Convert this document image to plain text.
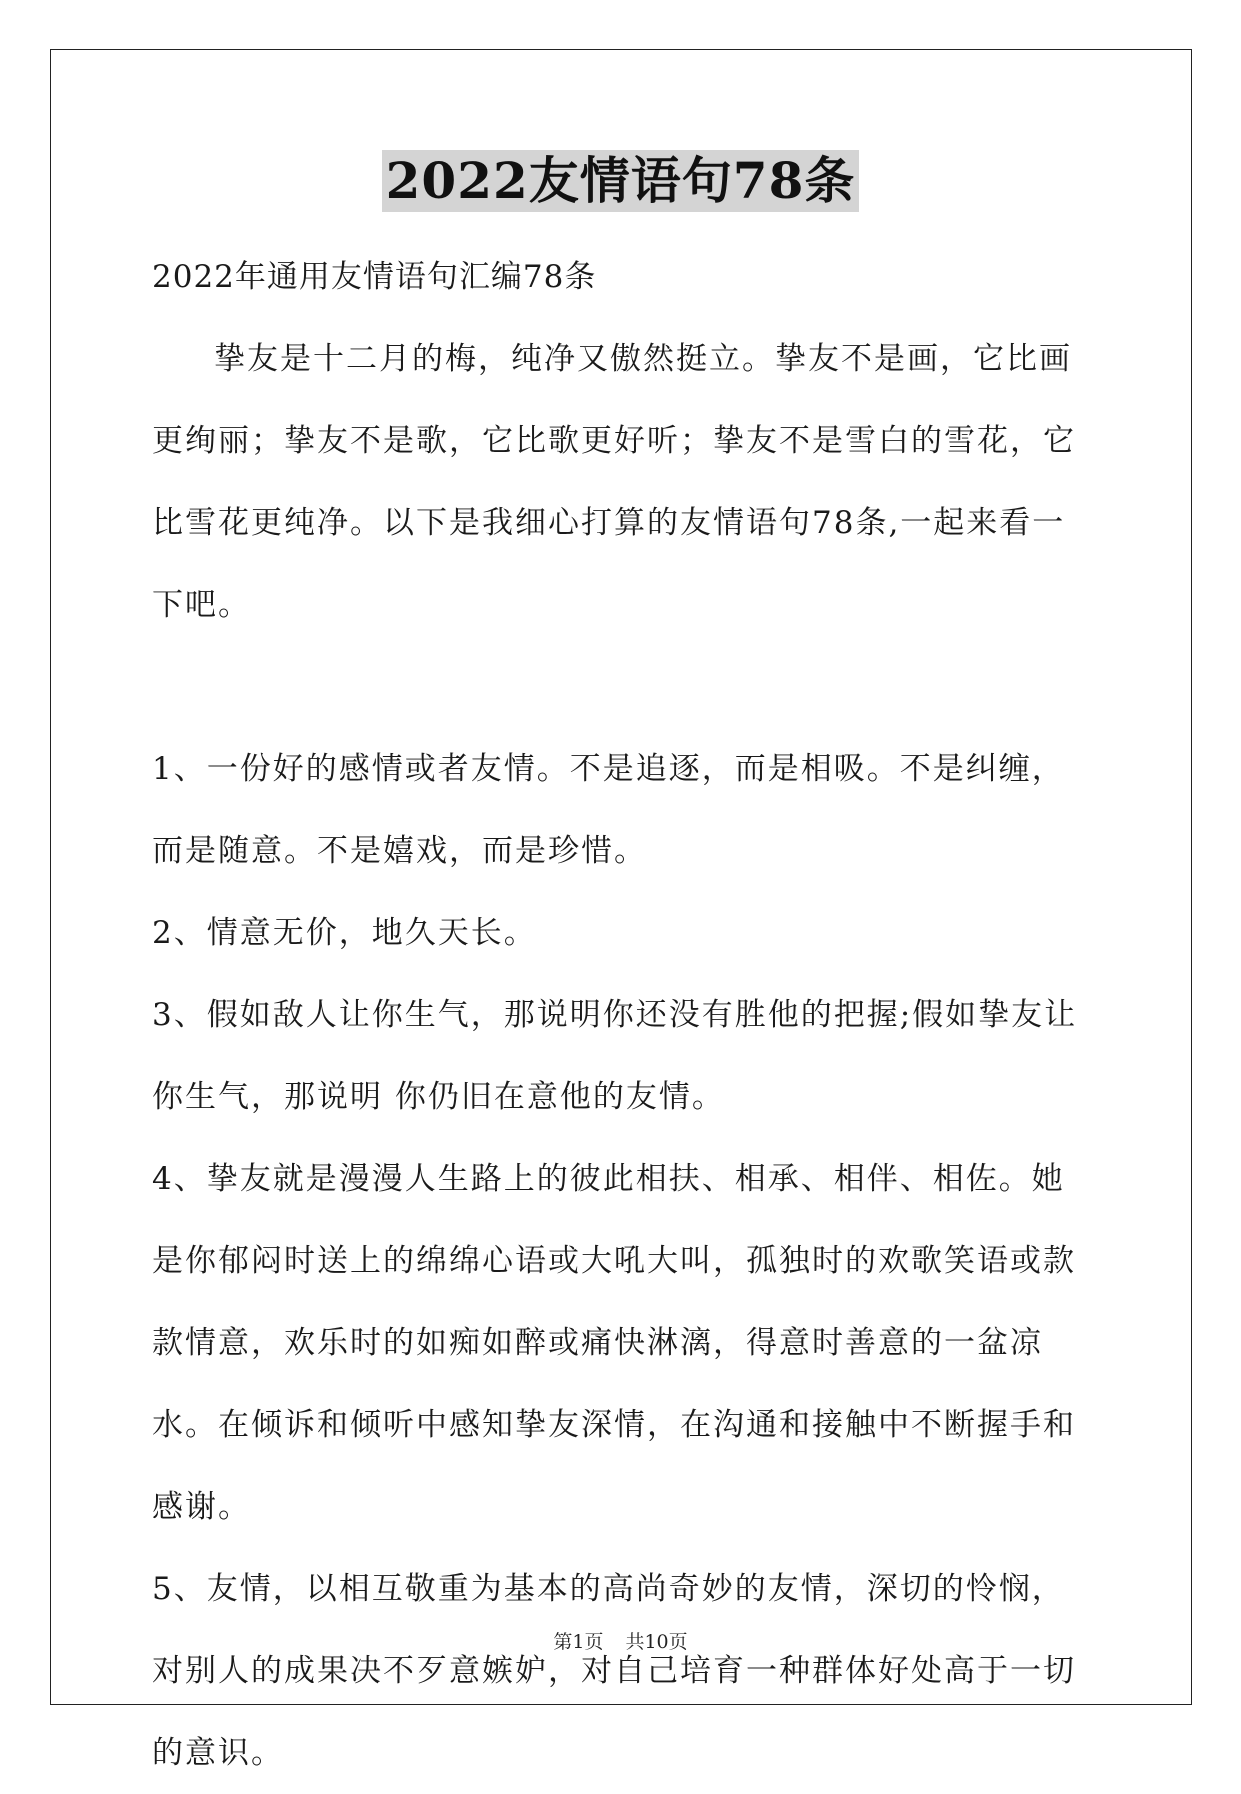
2022友情语句78条

2022年通用友情语句汇编78条

挚友是十二月的梅，纯净又傲然挺立。挚友不是画，它比画更绚丽；挚友不是歌，它比歌更好听；挚友不是雪白的雪花，它比雪花更纯净。以下是我细心打算的友情语句78条,一起来看一下吧。

1、一份好的感情或者友情。不是追逐，而是相吸。不是纠缠，而是随意。不是嬉戏，而是珍惜。

2、情意无价，地久天长。

3、假如敌人让你生气，那说明你还没有胜他的把握;假如挚友让你生气，那说明 你仍旧在意他的友情。

4、挚友就是漫漫人生路上的彼此相扶、相承、相伴、相佐。她是你郁闷时送上的绵绵心语或大吼大叫，孤独时的欢歌笑语或款款情意，欢乐时的如痴如醉或痛快淋漓，得意时善意的一盆凉水。在倾诉和倾听中感知挚友深情，在沟通和接触中不断握手和感谢。

5、友情，以相互敬重为基本的高尚奇妙的友情，深切的怜悯，对别人的成果决不歹意嫉妒，对自己培育一种群体好处高于一切的意识。

第1页 共10页
